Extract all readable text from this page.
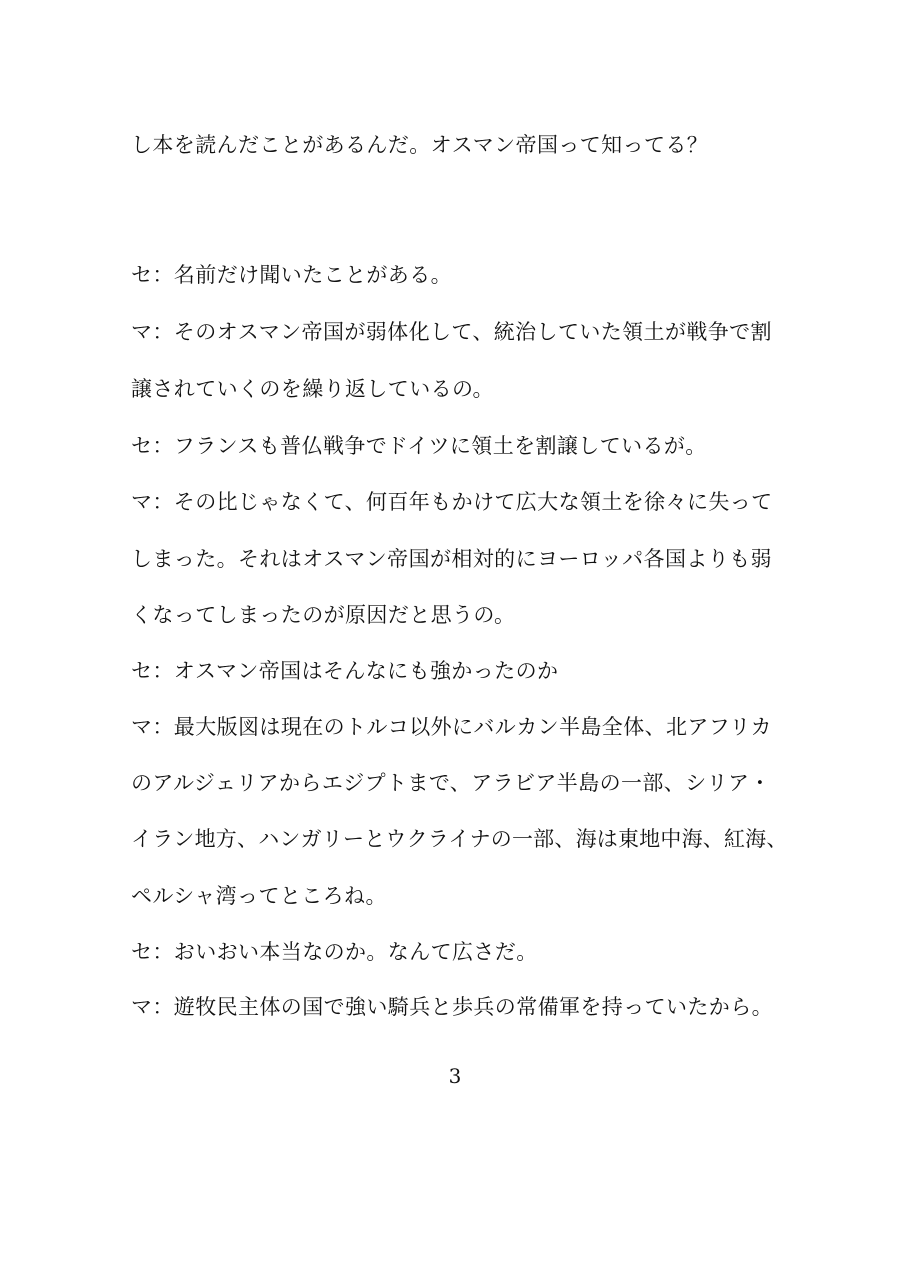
し本を読んだことがあるんだ。オスマン帝国って知ってる？
セ：名前だけ聞いたことがある。
マ：そのオスマン帝国が弱体化して、統治していた領土が戦争で割
譲されていくのを繰り返しているの。
セ：フランスも普仏戦争でドイツに領土を割譲しているが。
マ：その比じゃなくて、何百年もかけて広大な領土を徐々に失って
しまった。それはオスマン帝国が相対的にヨーロッパ各国よりも弱
くなってしまったのが原因だと思うの。
セ：オスマン帝国はそんなにも強かったのか
マ：最大版図は現在のトルコ以外にバルカン半島全体、北アフリカ
のアルジェリアからエジプトまで、アラビア半島の一部、シリア・
イラン地方、ハンガリーとウクライナの一部、海は東地中海、紅海、
ペルシャ湾ってところね。
セ：おいおい本当なのか。なんて広さだ。
マ：遊牧民主体の国で強い騎兵と歩兵の常備軍を持っていたから。
3
